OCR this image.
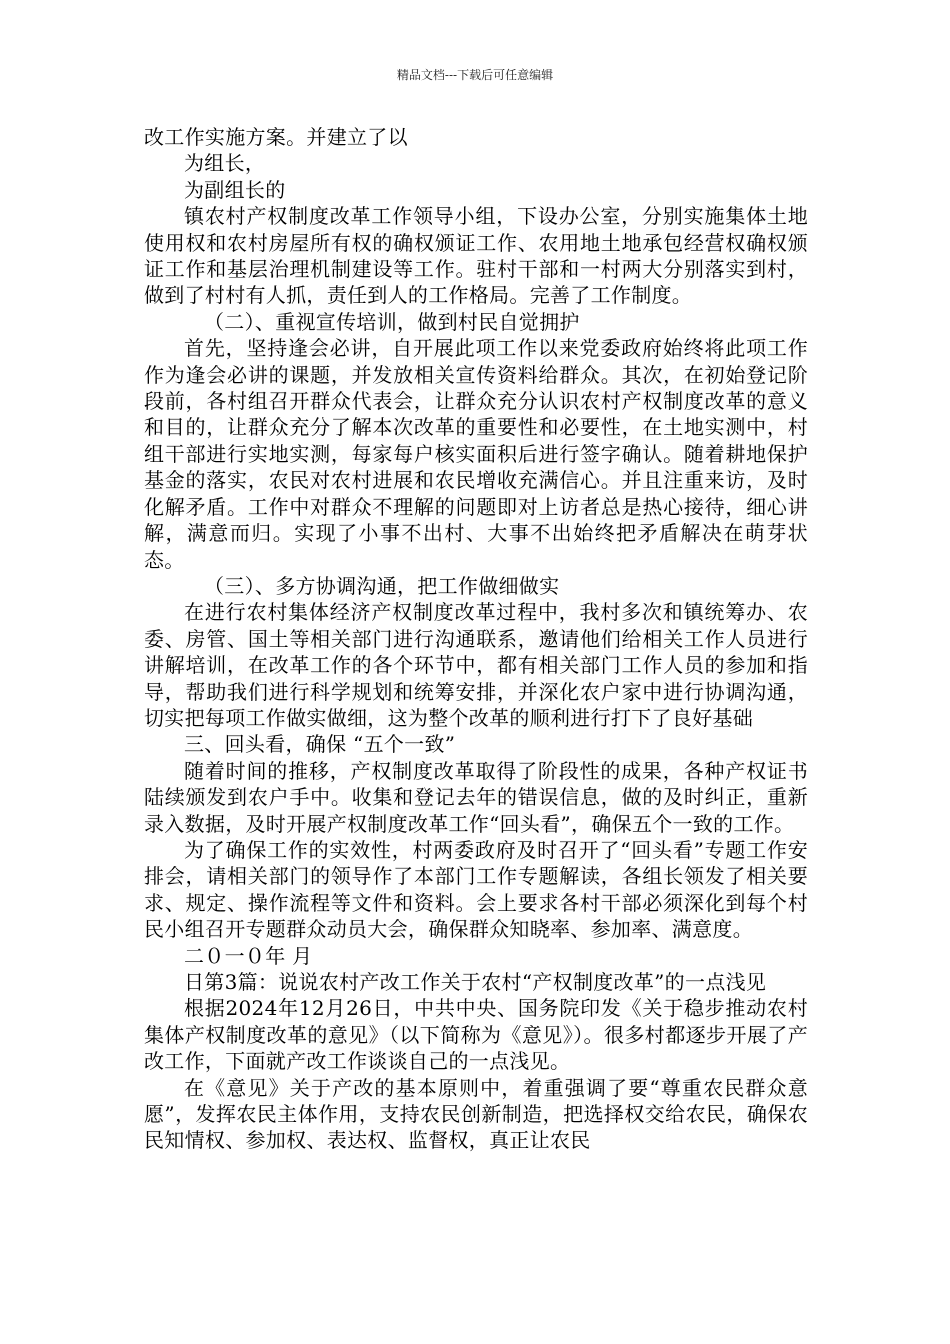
精品文档---下载后可任意编辑

改工作实施方案。并建立了以

为组长，

为副组长的

镇农村产权制度改革工作领导小组，下设办公室，分别实施集体土地使用权和农村房屋所有权的确权颁证工作、农用地土地承包经营权确权颁证工作和基层治理机制建设等工作。驻村干部和一村两大分别落实到村，做到了村村有人抓，责任到人的工作格局。完善了工作制度。

（二）、重视宣传培训，做到村民自觉拥护

首先，坚持逢会必讲，自开展此项工作以来党委政府始终将此项工作作为逢会必讲的课题，并发放相关宣传资料给群众。其次，在初始登记阶段前，各村组召开群众代表会，让群众充分认识农村产权制度改革的意义和目的，让群众充分了解本次改革的重要性和必要性，在土地实测中，村组干部进行实地实测，每家每户核实面积后进行签字确认。随着耕地保护基金的落实，农民对农村进展和农民增收充满信心。并且注重来访，及时化解矛盾。工作中对群众不理解的问题即对上访者总是热心接待，细心讲解，满意而归。实现了小事不出村、大事不出始终把矛盾解决在萌芽状态。

（三）、多方协调沟通，把工作做细做实

在进行农村集体经济产权制度改革过程中，我村多次和镇统筹办、农委、房管、国土等相关部门进行沟通联系，邀请他们给相关工作人员进行讲解培训，在改革工作的各个环节中，都有相关部门工作人员的参加和指导，帮助我们进行科学规划和统筹安排，并深化农户家中进行协调沟通，切实把每项工作做实做细，这为整个改革的顺利进行打下了良好基础

三、回头看，确保 “五个一致”

随着时间的推移，产权制度改革取得了阶段性的成果，各种产权证书陆续颁发到农户手中。收集和登记去年的错误信息，做的及时纠正，重新录入数据，及时开展产权制度改革工作“回头看”，确保五个一致的工作。

为了确保工作的实效性，村两委政府及时召开了“回头看”专题工作安排会，请相关部门的领导作了本部门工作专题解读，各组长领发了相关要求、规定、操作流程等文件和资料。会上要求各村干部必须深化到每个村民小组召开专题群众动员大会，确保群众知晓率、参加率、满意度。

二０一０年 月

日第3篇：说说农村产改工作关于农村“产权制度改革”的一点浅见

根据2024年12月26日，中共中央、国务院印发《关于稳步推动农村集体产权制度改革的意见》（以下简称为《意见》）。很多村都逐步开展了产改工作，下面就产改工作谈谈自己的一点浅见。

在《意见》关于产改的基本原则中，着重强调了要“尊重农民群众意愿”，发挥农民主体作用，支持农民创新制造，把选择权交给农民，确保农民知情权、参加权、表达权、监督权，真正让农民
